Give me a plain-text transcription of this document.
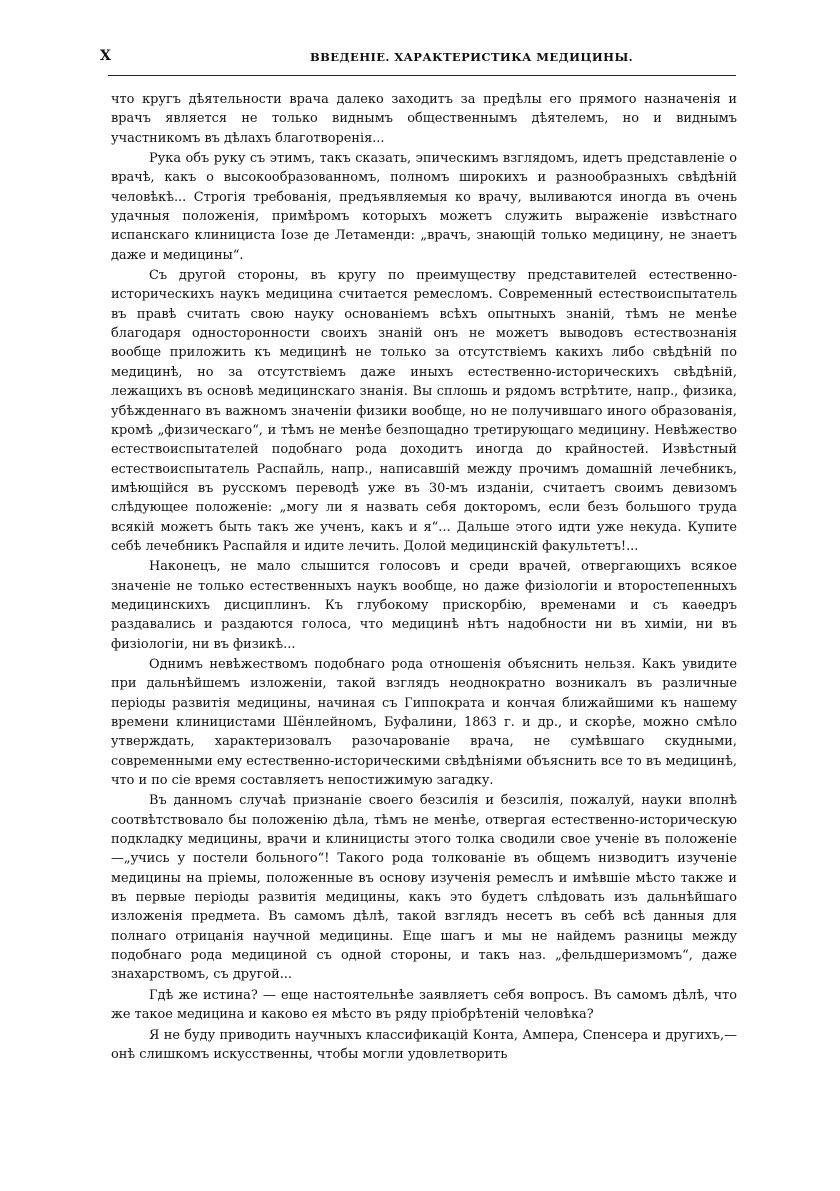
X	ВВЕДЕНІЕ. ХАРАКТЕРИСТИКА МЕДИЦИНЫ.

что кругъ дѣятельности врача далеко заходитъ за предѣлы его прямого назначенія и врачъ является не только виднымъ общественнымъ дѣятелемъ, но и виднымъ участникомъ въ дѣлахъ благотворенія...

Рука объ руку съ этимъ, такъ сказать, эпическимъ взглядомъ, идетъ представленіе о врачѣ, какъ о высокообразованномъ, полномъ широкихъ и разнообразныхъ свѣдѣній человѣкѣ... Строгія требованія, предъявляемыя ко врачу, выливаются иногда въ очень удачныя положенія, примѣромъ которыхъ можетъ служить выраженіе извѣстнаго испанскаго клинициста Іозе де Летаменди: „врачъ, знающій только медицину, не знаетъ даже и медицины“.

Съ другой стороны, въ кругу по преимуществу представителей естественно-историческихъ наукъ медицина считается ремесломъ. Современный естествоиспытатель въ правѣ считать свою науку основаніемъ всѣхъ опытныхъ знаній, тѣмъ не менѣе благодаря односторонности своихъ знаній онъ не можетъ выводовъ естествознанія вообще приложить къ медицинѣ не только за отсутствіемъ какихъ либо свѣдѣній по медицинѣ, но за отсутствіемъ даже иныхъ естественно-историческихъ свѣдѣній, лежащихъ въ основѣ медицинскаго знанія. Вы сплошь и рядомъ встрѣтите, напр., физика, убѣжденнаго въ важномъ значеніи физики вообще, но не получившаго иного образованія, кромѣ „физическаго“, и тѣмъ не менѣе безпощадно третирующаго медицину. Невѣжество естествоиспытателей подобнаго рода доходитъ иногда до крайностей. Извѣстный естествоиспытатель Распайль, напр., написавшій между прочимъ домашній лечебникъ, имѣющійся въ русскомъ переводѣ уже въ 30-мъ изданіи, считаетъ своимъ девизомъ слѣдующее положеніе: „могу ли я назвать себя докторомъ, если безъ большого труда всякій можетъ быть такъ же ученъ, какъ и я“... Дальше этого идти уже некуда. Купите себѣ лечебникъ Распайля и идите лечить. Долой медицинскій факультетъ!...

Наконецъ, не мало слышится голосовъ и среди врачей, отвергающихъ всякое значеніе не только естественныхъ наукъ вообще, но даже физіологіи и второстепенныхъ медицинскихъ дисциплинъ. Къ глубокому прискорбію, временами и съ каѳедръ раздавались и раздаются голоса, что медицинѣ нѣтъ надобности ни въ химіи, ни въ физіологіи, ни въ физикѣ...

Однимъ невѣжествомъ подобнаго рода отношенія объяснить нельзя. Какъ увидите при дальнѣйшемъ изложеніи, такой взглядъ неоднократно возникалъ въ различные періоды развитія медицины, начиная съ Гиппократа и кончая ближайшими къ нашему времени клиницистами Шёнлейномъ, Буфалини, 1863 г. и др., и скорѣе, можно смѣло утверждать, характеризовалъ разочарованіе врача, не сумѣвшаго скудными, современными ему естественно-историческими свѣдѣніями объяснить все то въ медицинѣ, что и по сіе время составляетъ непостижимую загадку.

Въ данномъ случаѣ признаніе своего безсилія и безсилія, пожалуй, науки вполнѣ соотвѣтствовало бы положенію дѣла, тѣмъ не менѣе, отвергая естественно-историческую подкладку медицины, врачи и клиницисты этого толка сводили свое ученіе въ положеніе—„учись у постели больного“! Такого рода толкованіе въ общемъ низводитъ изученіе медицины на пріемы, положенные въ основу изученія ремеслъ и имѣвшіе мѣсто также и въ первые періоды развитія медицины, какъ это будетъ слѣдовать изъ дальнѣйшаго изложенія предмета. Въ самомъ дѣлѣ, такой взглядъ несетъ въ себѣ всѣ данныя для полнаго отрицанія научной медицины. Еще шагъ и мы не найдемъ разницы между подобнаго рода медициной съ одной стороны, и такъ наз. „фельдшеризмомъ“, даже знахарствомъ, съ другой...

Гдѣ же истина? — еще настоятельнѣе заявляетъ себя вопросъ. Въ самомъ дѣлѣ, что же такое медицина и каково ея мѣсто въ ряду пріобрѣтеній человѣка?

Я не буду приводить научныхъ классификацій Конта, Ампера, Спенсера и другихъ,—онѣ слишкомъ искусственны, чтобы могли удовлетворить
